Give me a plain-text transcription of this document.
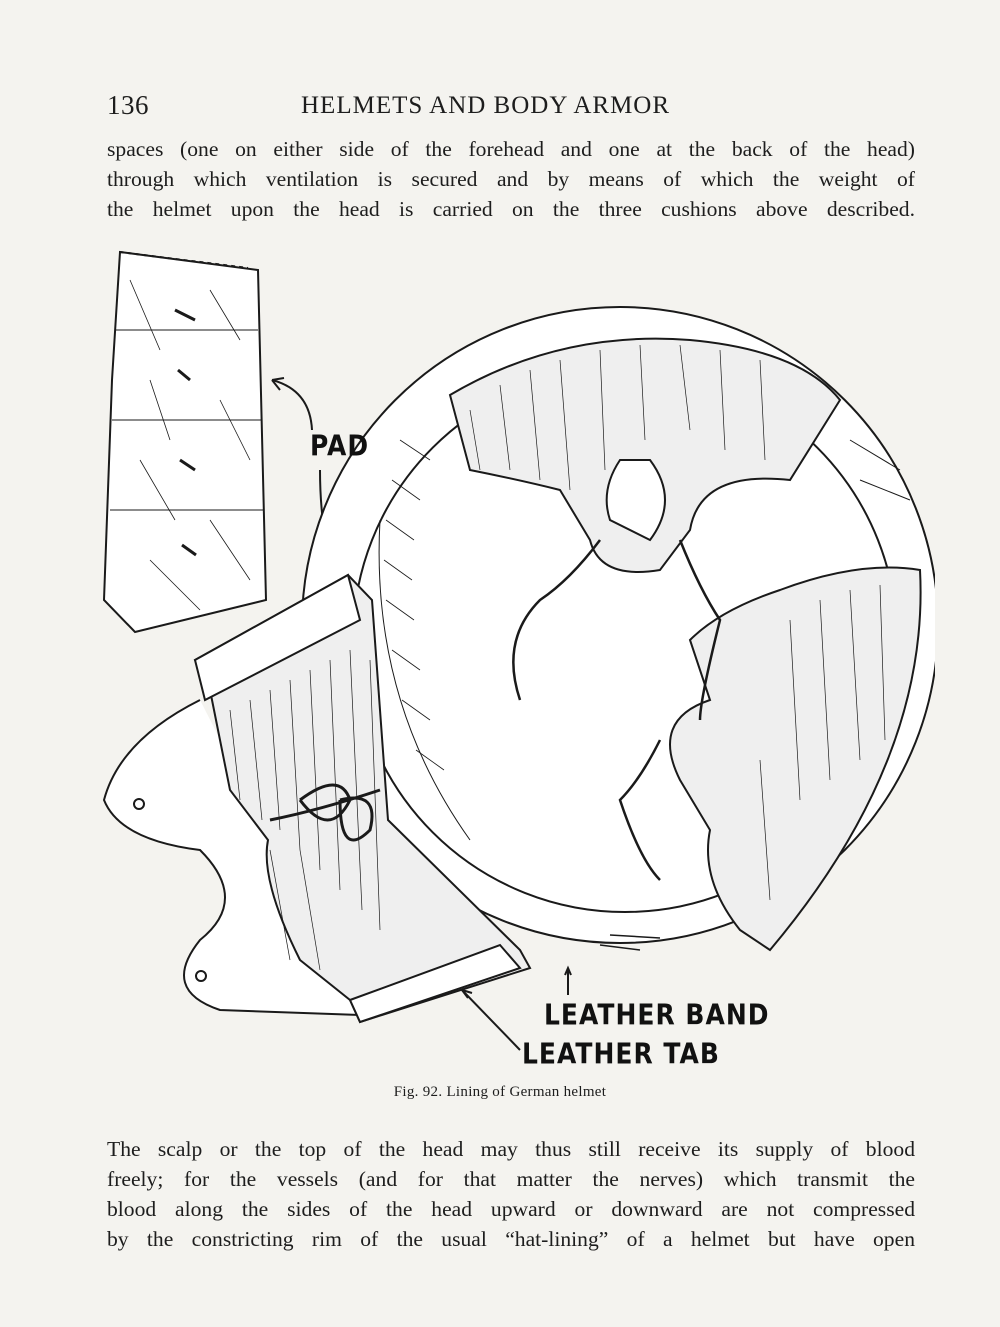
136	HELMETS AND BODY ARMOR
spaces (one on either side of the forehead and one at the back of the head)
through which ventilation is secured and by means of which the weight of
the helmet upon the head is carried on the three cushions above described.
PAD
LEATHER BAND
LEATHER TAB
Fig. 92. Lining of German helmet
The scalp or the top of the head may thus still receive its supply of blood
freely; for the vessels (and for that matter the nerves) which transmit the
blood along the sides of the head upward or downward are not compressed
by the constricting rim of the usual “hat-lining” of a helmet but have open
